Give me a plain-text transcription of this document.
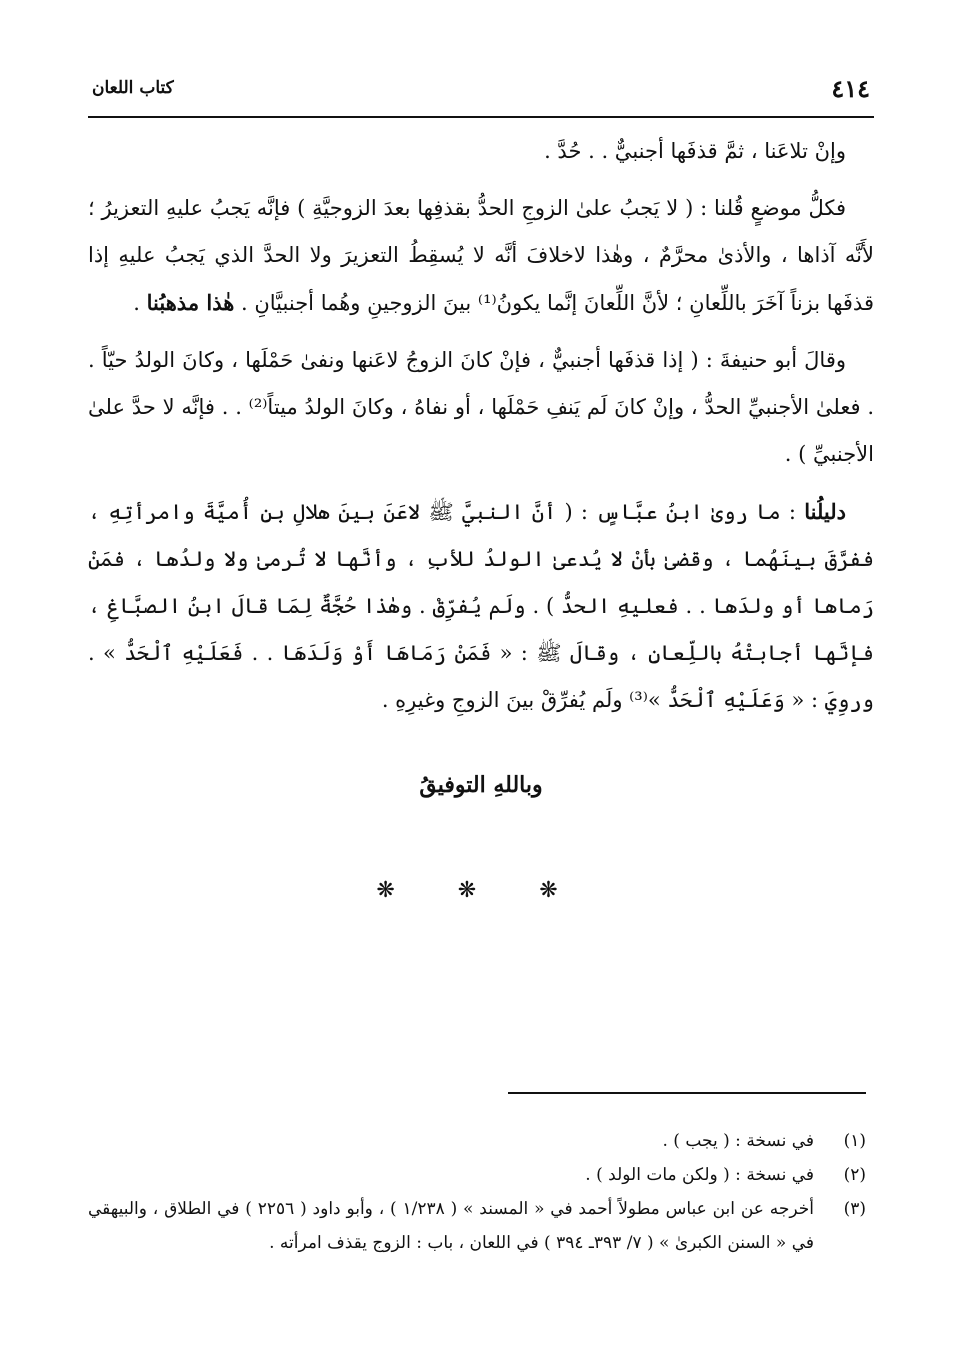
٤١٤
كتاب اللعان

وإنْ تلاعَنا ، ثمَّ قذفَها أجنبيٌّ . . حُدَّ .

فكلُّ موضعٍ قُلنا : ( لا يَجبُ علىٰ الزوجِ الحدُّ بقذفِها بعدَ الزوجيَّةِ ) فإنَّه يَجبُ عليهِ التعزيرُ ؛ لأَنَّه آذاها ، والأذىٰ محرَّمٌ ، وهٰذا لاخلافَ أنَّه لا يُسقِطُ التعزيرَ ولا الحدَّ الذي يَجبُ عليهِ إذا قذفَها بزناً آخَرَ باللِّعانِ ؛ لأنَّ اللِّعانَ إنَّما يكونُ⁽¹⁾ بينَ الزوجينِ وهُما أجنبيَّانِ . هٰذا مذهبُنا .

وقالَ أبو حنيفةَ : ( إذا قذفَها أجنبيٌّ ، فإنْ كانَ الزوجُ لاعَنها ونفىٰ حَمْلَها ، وكانَ الولدُ حيّاً . . فعلىٰ الأجنبيِّ الحدُّ ، وإنْ كانَ لَم يَنفِ حَمْلَها ، أو نفاهُ ، وكانَ الولدُ ميتاً⁽²⁾ . . فإنَّه لا حدَّ علىٰ الأجنبيِّ ) .

دليلُنا : ما روىٰ ابنُ عبَّاسٍ : ( أنَّ النبيَّ ﷺ لاعَنَ بينَ هلالِ بنِ أُميَّةَ وامرأتِهِ ، ففرَّقَ بينَهُما ، وقضىٰ بأنْ لا يُدعىٰ الولدُ للأبِ ، وأنَّها لا تُرمىٰ ولا ولدُها ، فمَنْ رَماها أو ولدَها . . فعليهِ الحدُّ ) . ولَم يُفرِّقْ . وهٰذا حُجَّةٌ لِمَا قالَ ابنُ الصبَّاغِ ، فإنَّها أجابتْهُ باللِّعانِ ، وقالَ ﷺ : « فَمَنْ رَمَاهَا أَوْ وَلَدَهَا . . فَعَلَيْهِ ٱلْحَدُّ » . وروِيَ : « وَعَلَيْهِ ٱلْحَدُّ »⁽³⁾ ولَم يُفرِّقْ بينَ الزوجِ وغيرِهِ .

وباللهِ التوفيقُ
❋ ❋ ❋
(١)
في نسخة : ( يجب ) .
(٢)
في نسخة : ( ولكن مات الولد ) .
(٣)
أخرجه عن ابن عباس مطولاً أحمد في « المسند » ( ١/٢٣٨ ) ، وأبو داود ( ٢٢٥٦ ) في الطلاق ، والبيهقي في « السنن الكبرىٰ » ( ٧/ ٣٩٣ـ ٣٩٤ ) في اللعان ، باب : الزوج يقذف امرأته .
